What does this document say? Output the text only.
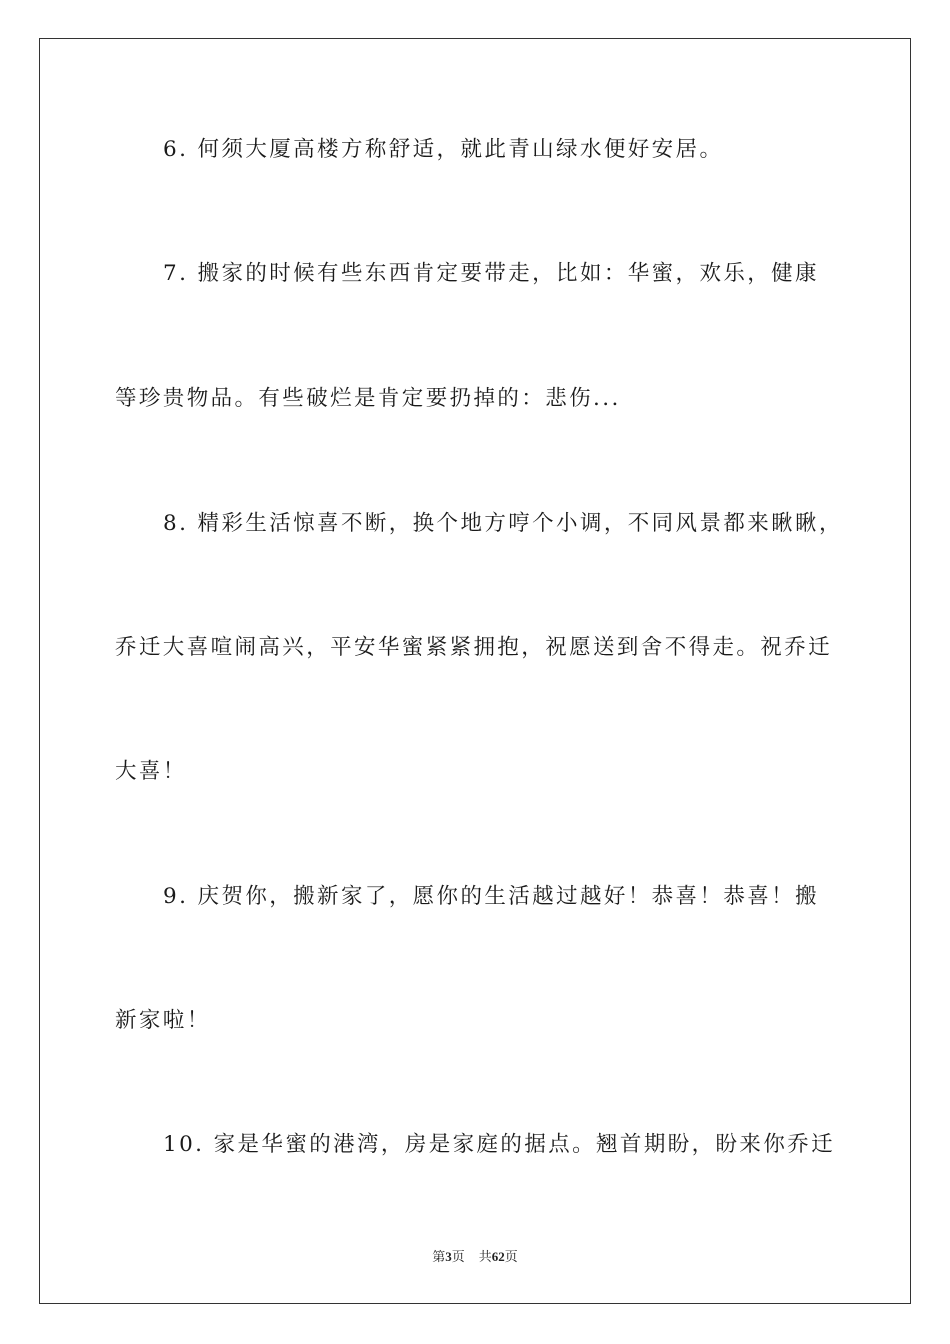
6. 何须大厦高楼方称舒适，就此青山绿水便好安居。
7. 搬家的时候有些东西肯定要带走，比如：华蜜，欢乐，健康
等珍贵物品。有些破烂是肯定要扔掉的：悲伤...
8. 精彩生活惊喜不断，换个地方哼个小调，不同风景都来瞅瞅，
乔迁大喜喧闹高兴，平安华蜜紧紧拥抱，祝愿送到舍不得走。祝乔迁
大喜！
9. 庆贺你，搬新家了，愿你的生活越过越好！恭喜！恭喜！搬
新家啦！
10. 家是华蜜的港湾，房是家庭的据点。翘首期盼，盼来你乔迁
第3页 共62页
